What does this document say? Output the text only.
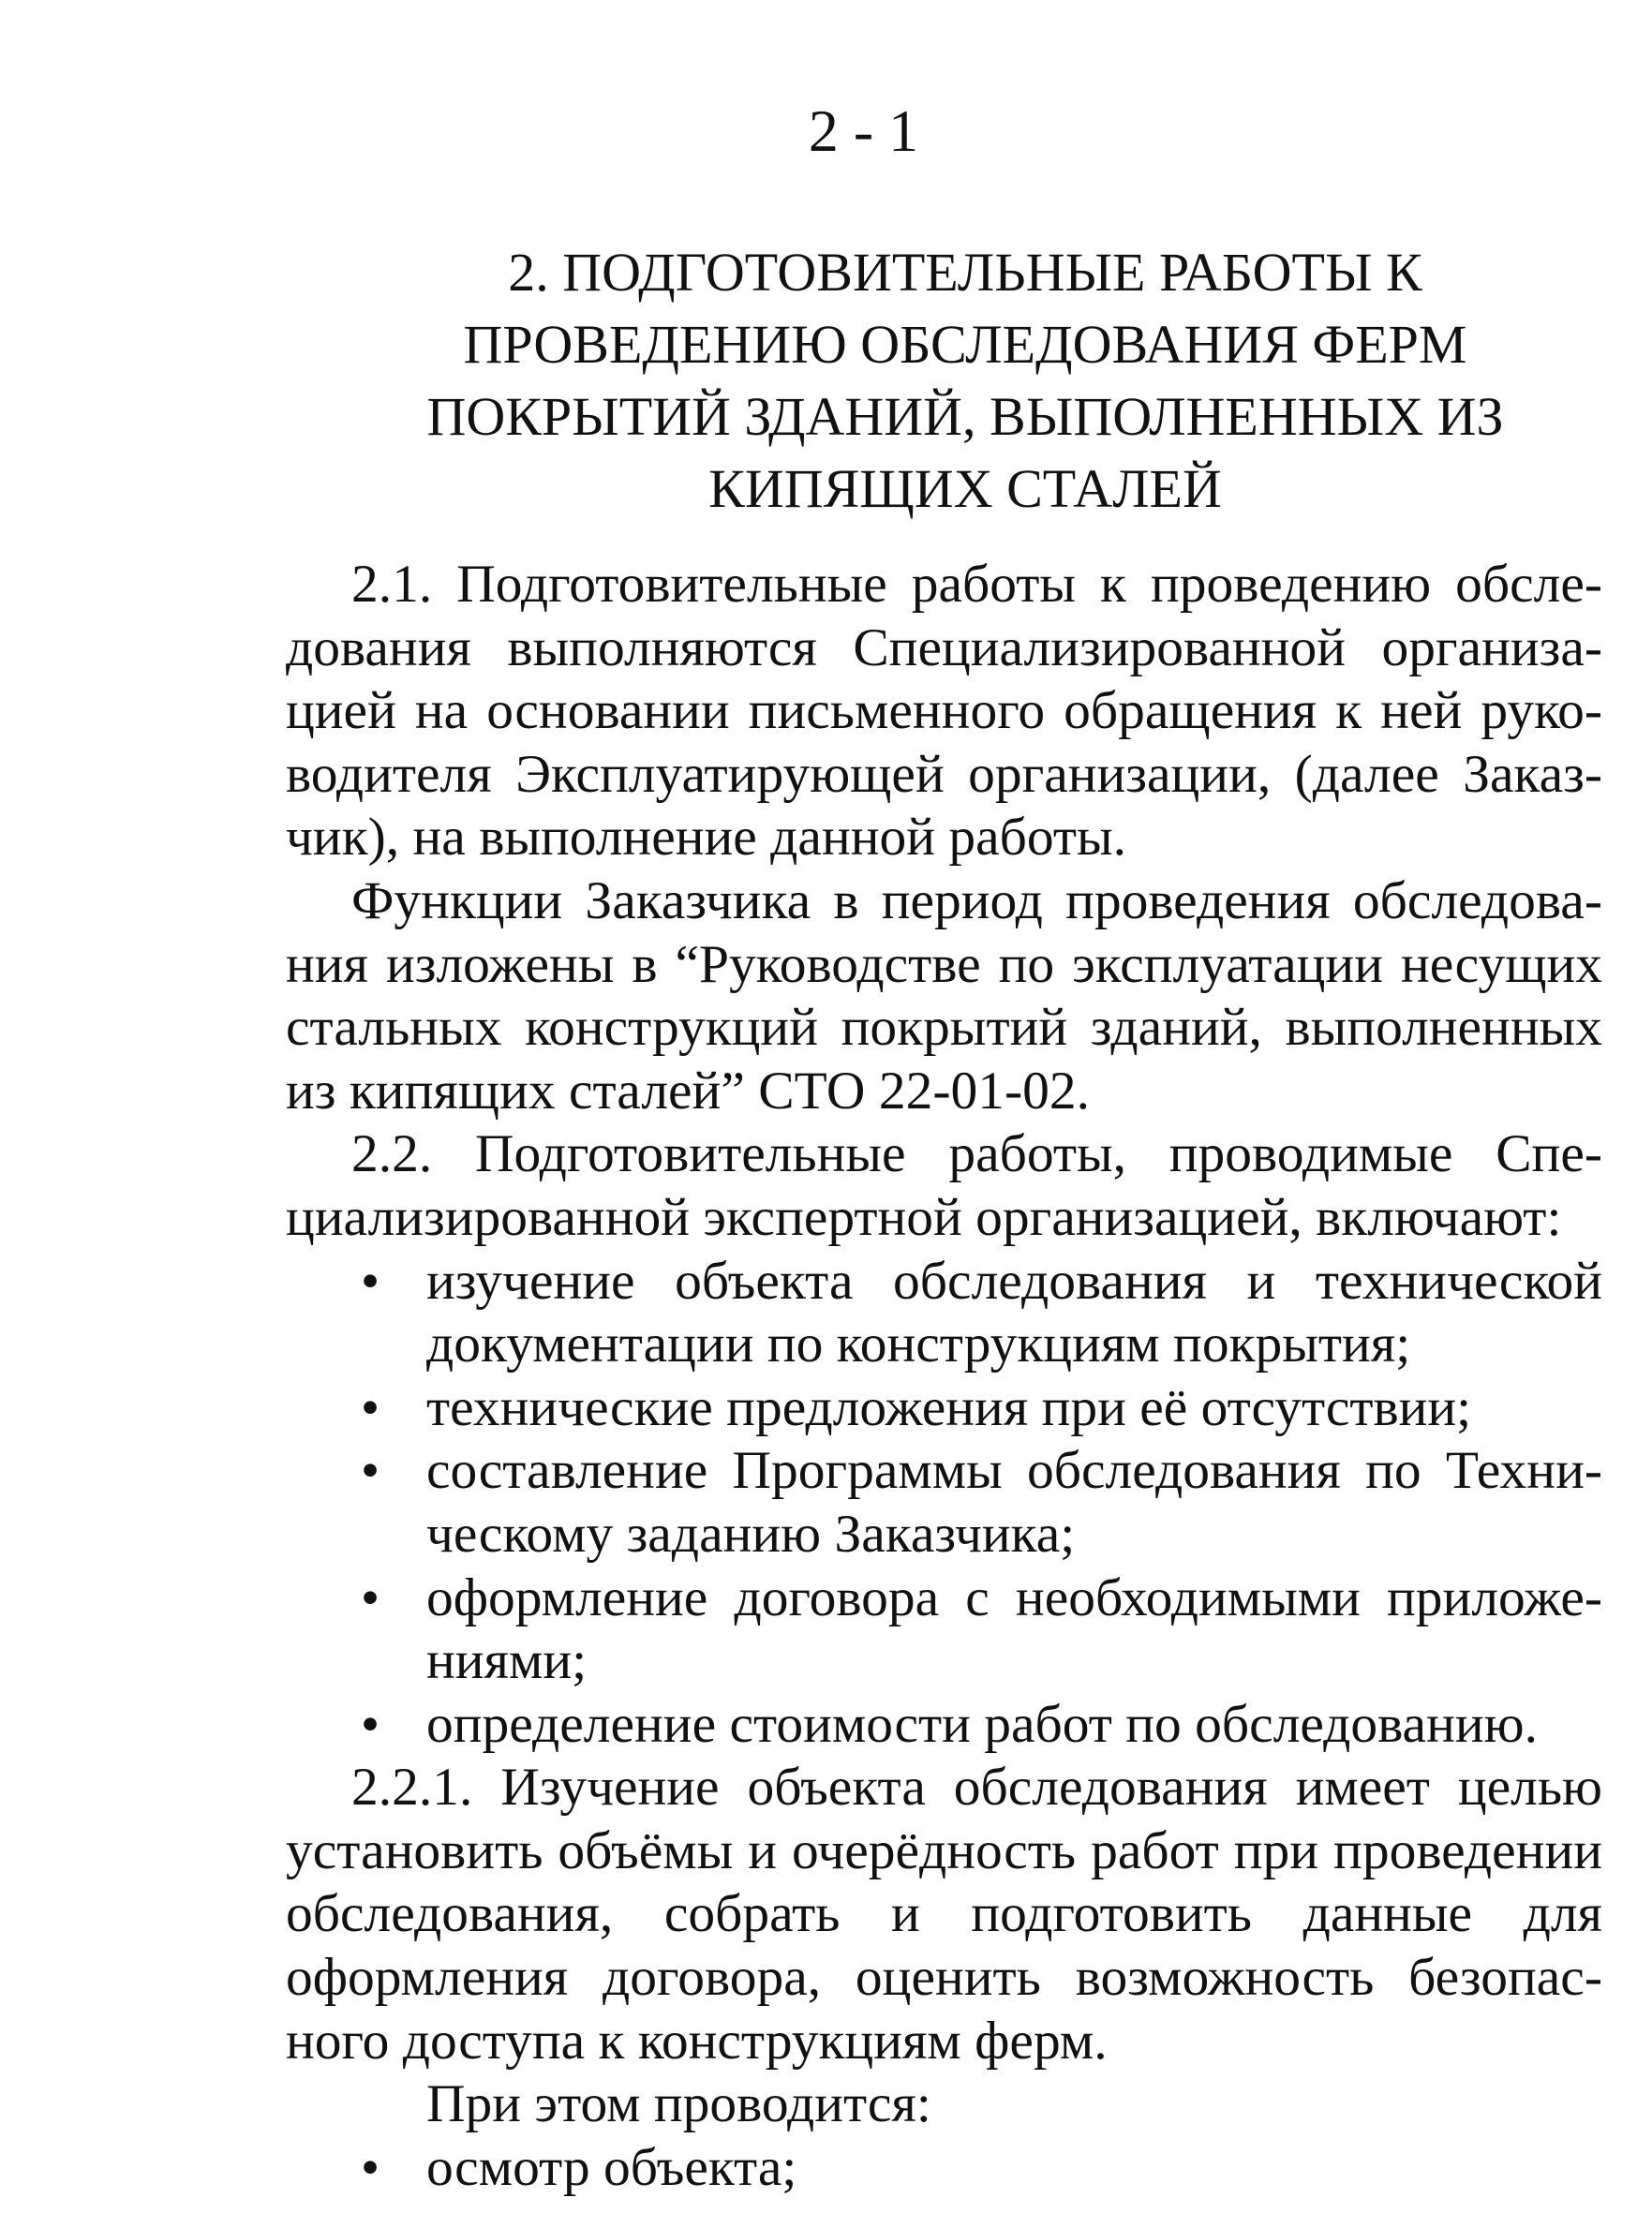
2 - 1
2. ПОДГОТОВИТЕЛЬНЫЕ РАБОТЫ К
ПРОВЕДЕНИЮ ОБСЛЕДОВАНИЯ ФЕРМ
ПОКРЫТИЙ ЗДАНИЙ, ВЫПОЛНЕННЫХ ИЗ
КИПЯЩИХ СТАЛЕЙ

2.1. Подготовительные работы к проведению обследования выполняются Специализированной организацией на основании письменного обращения к ней руководителя Эксплуатирующей организации, (далее Заказчик), на выполнение данной работы.

Функции Заказчика в период проведения обследования изложены в “Руководстве по эксплуатации несущих стальных конструкций покрытий зданий, выполненных из кипящих сталей” СТО 22-01-02.

2.2. Подготовительные работы, проводимые Специализированной экспертной организацией, включают:

• изучение объекта обследования и технической документации по конструкциям покрытия;
• технические предложения при её отсутствии;
• составление Программы обследования по Техническому заданию Заказчика;
• оформление договора с необходимыми приложениями;
• определение стоимости работ по обследованию.

2.2.1. Изучение объекта обследования имеет целью установить объёмы и очерёдность работ при проведении обследования, собрать и подготовить данные для оформления договора, оценить возможность безопасного доступа к конструкциям ферм.

При этом проводится:

• осмотр объекта;
